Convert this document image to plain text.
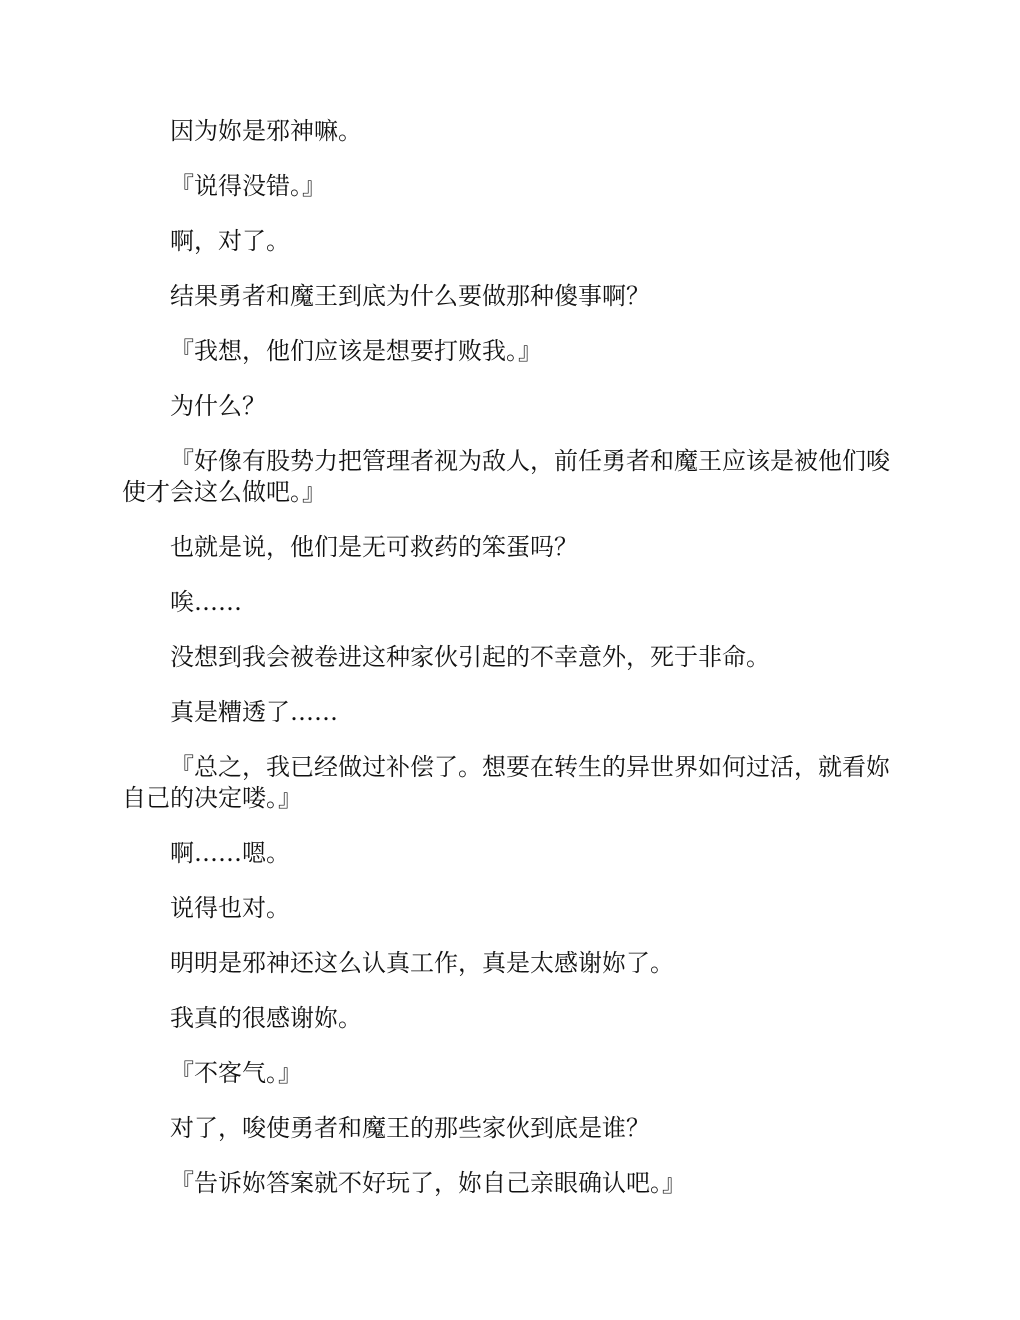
因为妳是邪神嘛。

『说得没错。』

啊，对了。

结果勇者和魔王到底为什么要做那种傻事啊？

『我想，他们应该是想要打败我。』

为什么？

『好像有股势力把管理者视为敌人，前任勇者和魔王应该是被他们唆使才会这么做吧。』

也就是说，他们是无可救药的笨蛋吗？

唉……

没想到我会被卷进这种家伙引起的不幸意外，死于非命。

真是糟透了……

『总之，我已经做过补偿了。想要在转生的异世界如何过活，就看妳自己的决定喽。』

啊……嗯。

说得也对。

明明是邪神还这么认真工作，真是太感谢妳了。

我真的很感谢妳。

『不客气。』

对了，唆使勇者和魔王的那些家伙到底是谁？

『告诉妳答案就不好玩了，妳自己亲眼确认吧。』
